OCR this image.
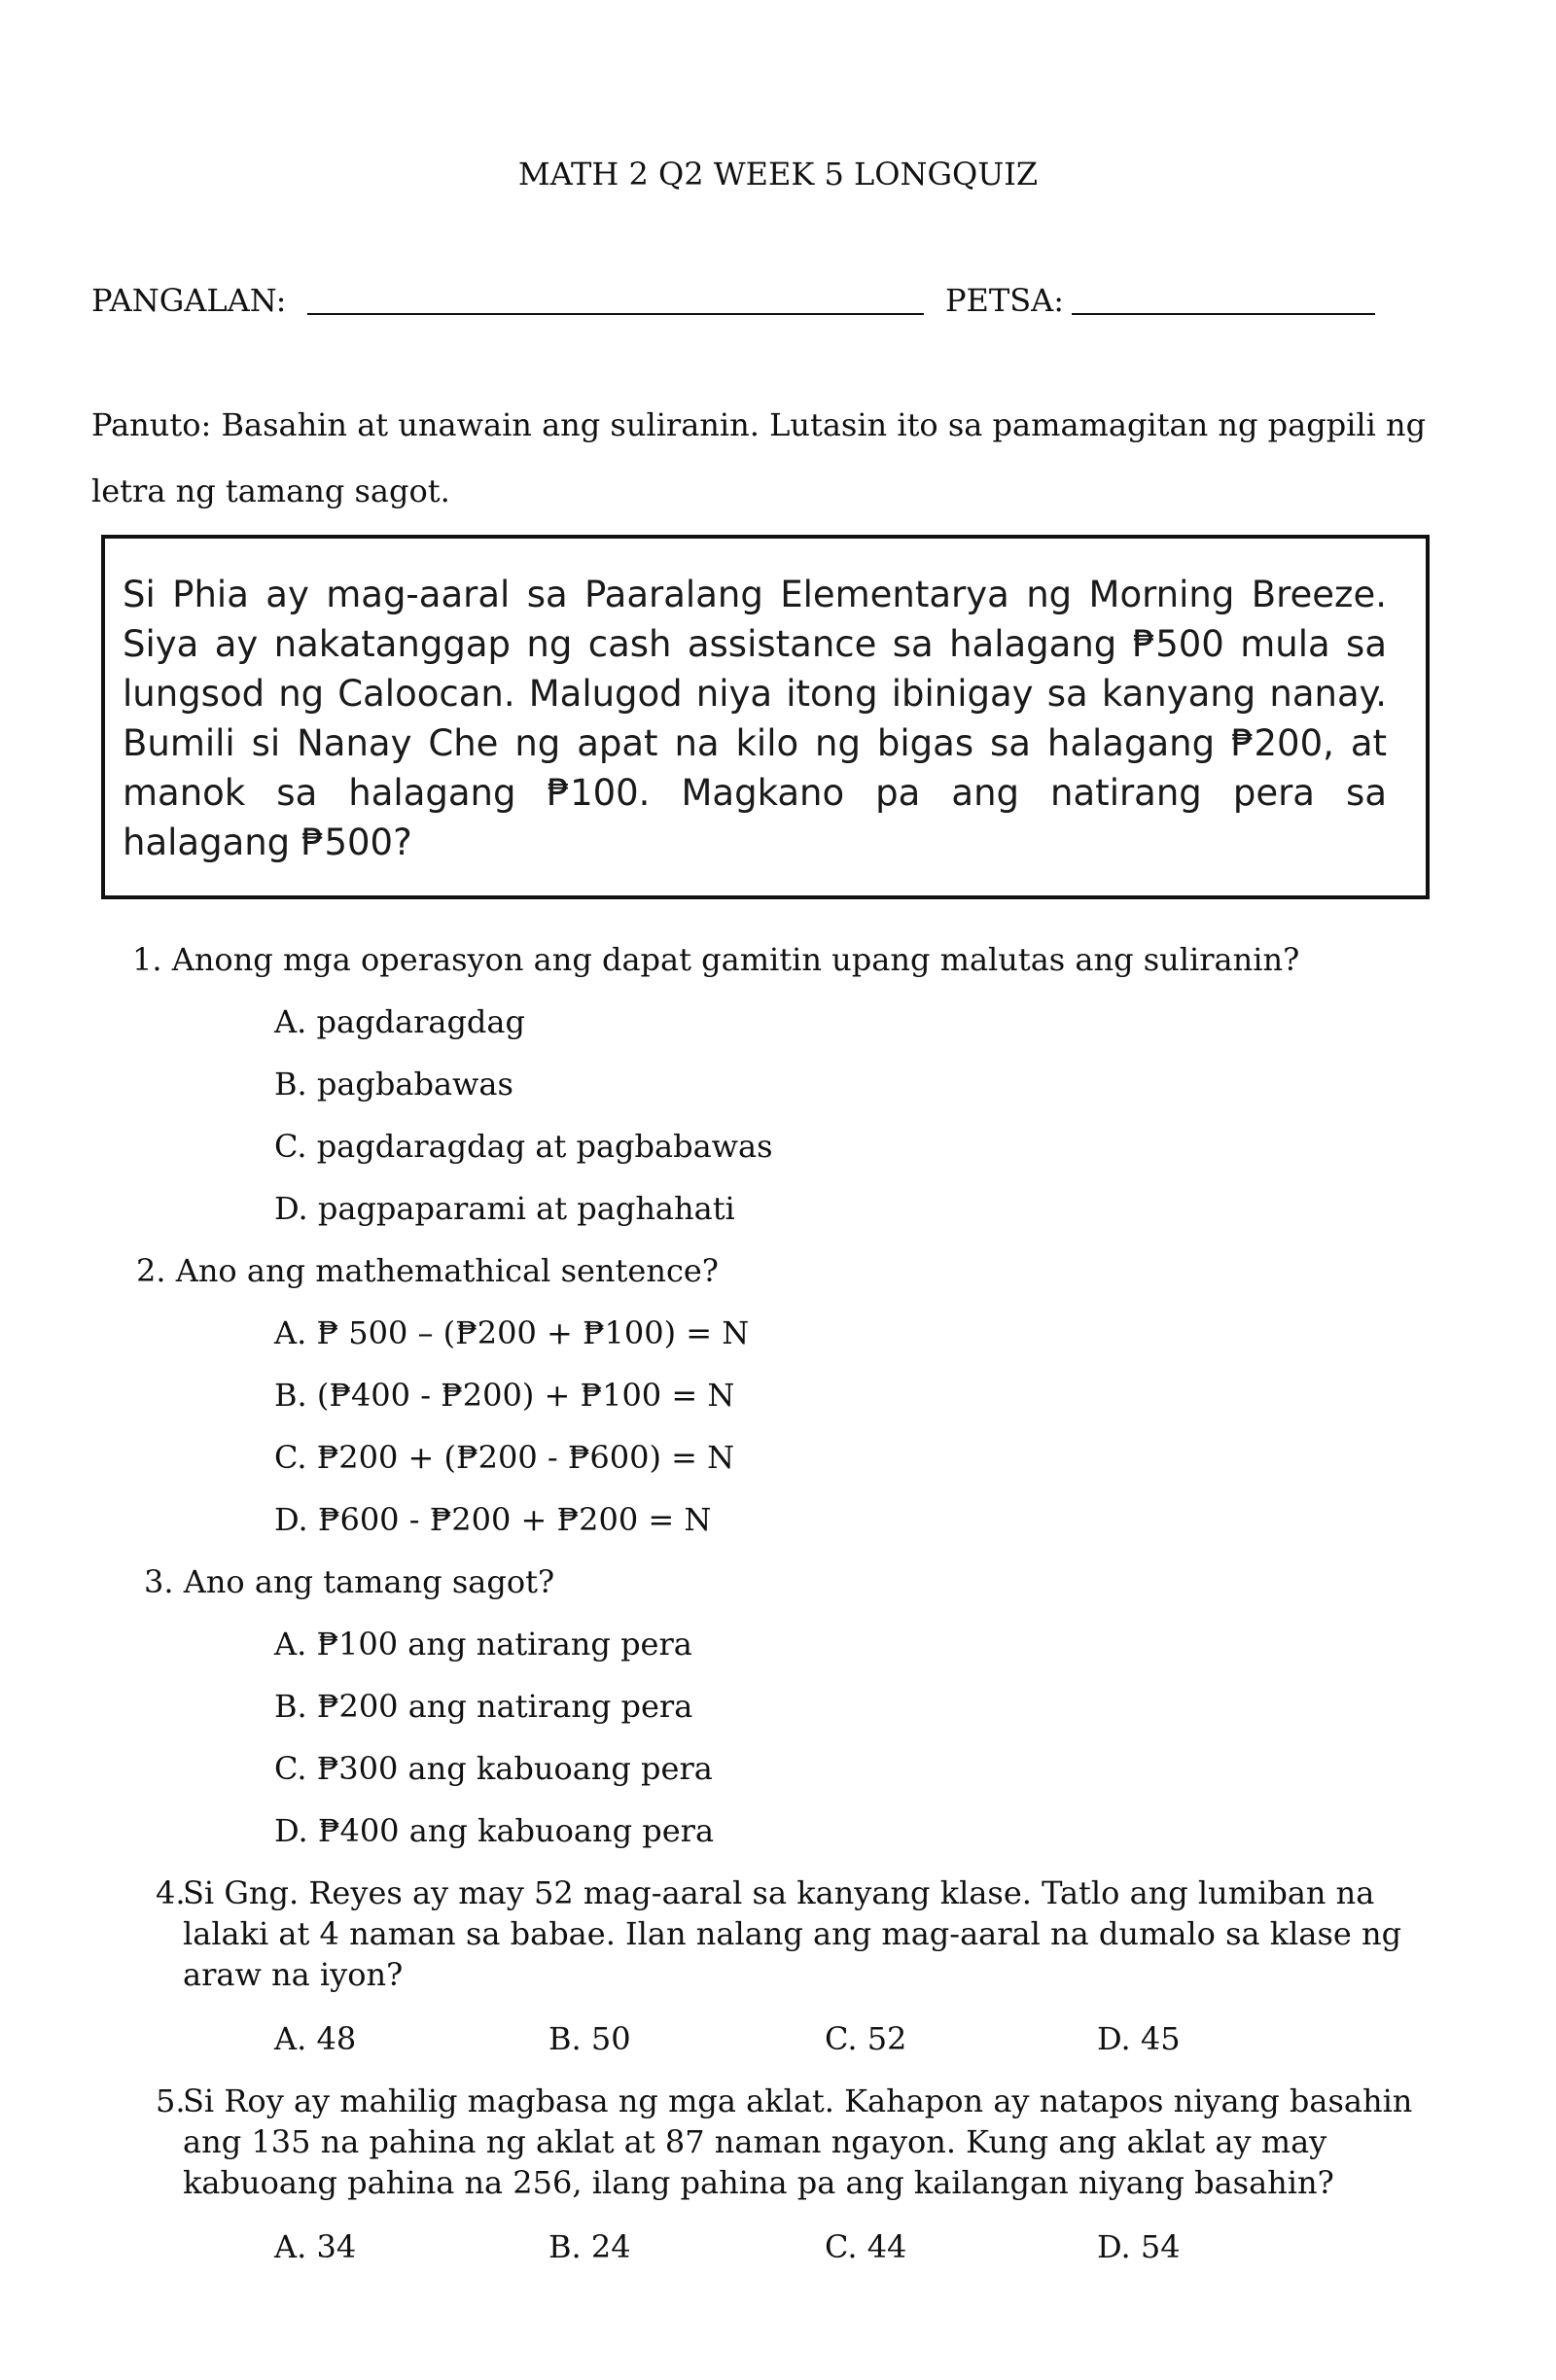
MATH 2 Q2 WEEK 5 LONGQUIZ
PANGALAN:	PETSA:
Panuto: Basahin at unawain ang suliranin. Lutasin ito sa pamamagitan ng pagpili ng
letra ng tamang sagot.
Si Phia ay mag-aaral sa Paaralang Elementarya ng Morning Breeze. Siya ay nakatanggap ng cash assistance sa halagang ₱500 mula sa lungsod ng Caloocan. Malugod niya itong ibinigay sa kanyang nanay. Bumili si Nanay Che ng apat na kilo ng bigas sa halagang ₱200, at manok sa halagang ₱100. Magkano pa ang natirang pera sa halagang ₱500?
1. Anong mga operasyon ang dapat gamitin upang malutas ang suliranin?
A. pagdaragdag
B. pagbabawas
C. pagdaragdag at pagbabawas
D. pagpaparami at paghahati
2. Ano ang mathemathical sentence?
A. ₱ 500 – (₱200 + ₱100) = N
B. (₱400 - ₱200) + ₱100 = N
C. ₱200 + (₱200 - ₱600) = N
D. ₱600 - ₱200 + ₱200 = N
3. Ano ang tamang sagot?
A. ₱100 ang natirang pera
B. ₱200 ang natirang pera
C. ₱300 ang kabuoang pera
D. ₱400 ang kabuoang pera
4.
Si Gng. Reyes ay may 52 mag-aaral sa kanyang klase. Tatlo ang lumiban na lalaki at 4 naman sa babae. Ilan nalang ang mag-aaral na dumalo sa klase ng araw na iyon?
A. 48	B. 50	C. 52	D. 45
5.
Si Roy ay mahilig magbasa ng mga aklat. Kahapon ay natapos niyang basahin ang 135 na pahina ng aklat at 87 naman ngayon. Kung ang aklat ay may kabuoang pahina na 256, ilang pahina pa ang kailangan niyang basahin?
A. 34	B. 24	C. 44	D. 54
